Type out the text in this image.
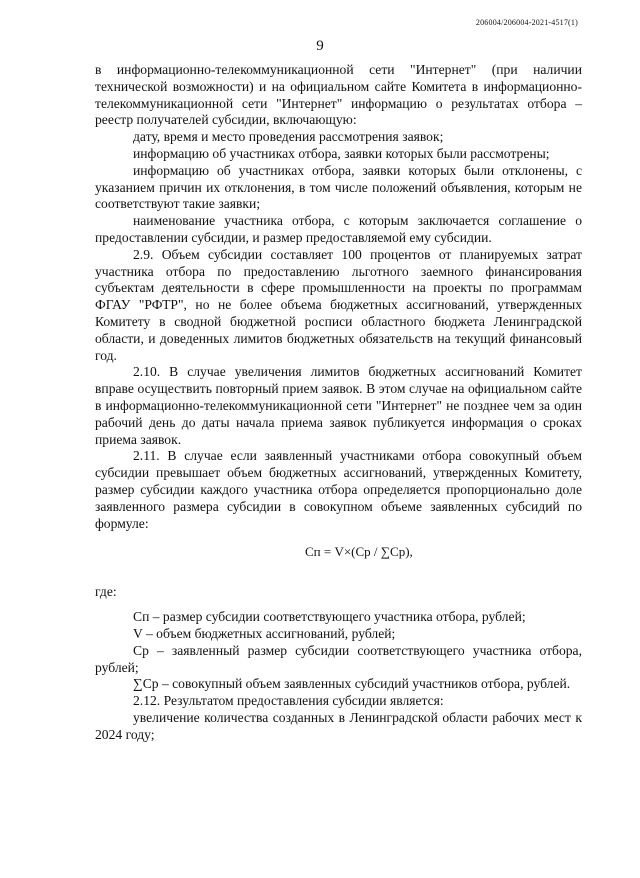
206004/206004-2021-4517(1)
9

в информационно-телекоммуникационной сети "Интернет" (при наличии технической возможности) и на официальном сайте Комитета в информационно-телекоммуникационной сети "Интернет" информацию о результатах отбора – реестр получателей субсидии, включающую:

дату, время и место проведения рассмотрения заявок;

информацию об участниках отбора, заявки которых были рассмотрены;

информацию об участниках отбора, заявки которых были отклонены, с указанием причин их отклонения, в том числе положений объявления, которым не соответствуют такие заявки;

наименование участника отбора, с которым заключается соглашение о предоставлении субсидии, и размер предоставляемой ему субсидии.

2.9. Объем субсидии составляет 100 процентов от планируемых затрат участника отбора по предоставлению льготного заемного финансирования субъектам деятельности в сфере промышленности на проекты по программам ФГАУ "РФТР", но не более объема бюджетных ассигнований, утвержденных Комитету в сводной бюджетной росписи областного бюджета Ленинградской области, и доведенных лимитов бюджетных обязательств на текущий финансовый год.

2.10. В случае увеличения лимитов бюджетных ассигнований Комитет вправе осуществить повторный прием заявок. В этом случае на официальном сайте в информационно-телекоммуникационной сети "Интернет" не позднее чем за один рабочий день до даты начала приема заявок публикуется информация о сроках приема заявок.

2.11. В случае если заявленный участниками отбора совокупный объем субсидии превышает объем бюджетных ассигнований, утвержденных Комитету, размер субсидии каждого участника отбора определяется пропорционально доле заявленного размера субсидии в совокупном объеме заявленных субсидий по формуле:

Cп = V×(Cр / ∑Cр),

где:

Cп – размер субсидии соответствующего участника отбора, рублей;

V – объем бюджетных ассигнований, рублей;

Cр – заявленный размер субсидии соответствующего участника отбора, рублей;

∑Cр – совокупный объем заявленных субсидий участников отбора, рублей.

2.12. Результатом предоставления субсидии является:

увеличение количества созданных в Ленинградской области рабочих мест к 2024 году;
